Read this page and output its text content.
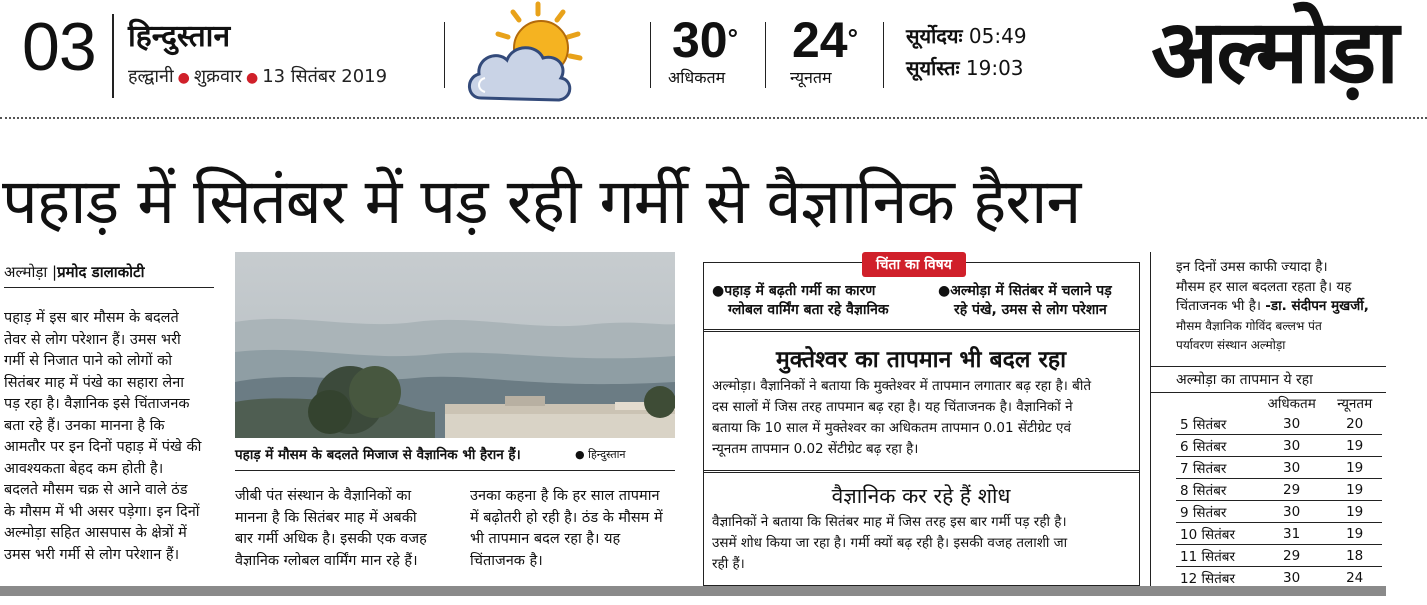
03 हिन्दुस्तान
हल्द्वानी ● शुक्रवार ● 13 सितंबर 2019
30°
अधिकतम
24°
न्यूनतम
सूर्योदयः 05:49
सूर्यास्तः 19:03 अल्मोड़ा
पहाड़ में सितंबर में पड़ रही गर्मी से वैज्ञानिक हैरान
अल्मोड़ा |प्रमोद डालाकोटी
पहाड़ में इस बार मौसम के बदलते
तेवर से लोग परेशान हैं। उमस भरी
गर्मी से निजात पाने को लोगों को
सितंबर माह में पंखे का सहारा लेना
पड़ रहा है। वैज्ञानिक इसे चिंताजनक
बता रहे हैं। उनका मानना है कि
आमतौर पर इन दिनों पहाड़ में पंखे की
आवश्यकता बेहद कम होती है।
बदलते मौसम चक्र से आने वाले ठंड
के मौसम में भी असर पड़ेगा। इन दिनों
अल्मोड़ा सहित आसपास के क्षेत्रों में
उमस भरी गर्मी से लोग परेशान हैं।
पहाड़ में मौसम के बदलते मिजाज से वैज्ञानिक भी हैरान हैं।	● हिन्दुस्तान
जीबी पंत संस्थान के वैज्ञानिकों का
मानना है कि सितंबर माह में अबकी
बार गर्मी अधिक है। इसकी एक वजह
वैज्ञानिक ग्लोबल वार्मिंग मान रहे हैं।
उनका कहना है कि हर साल तापमान
में बढ़ोतरी हो रही है। ठंड के मौसम में
भी तापमान बदल रहा है। यह
चिंताजनक है।
चिंता का विषय
●पहाड़ में बढ़ती गर्मी का कारण
ग्लोबल वार्मिंग बता रहे वैज्ञानिक
●अल्मोड़ा में सितंबर में चलाने पड़
रहे पंखे, उमस से लोग परेशान
मुक्तेश्वर का तापमान भी बदल रहा
अल्मोड़ा। वैज्ञानिकों ने बताया कि मुक्तेश्वर में तापमान लगातार बढ़ रहा है। बीते
दस सालों में जिस तरह तापमान बढ़ रहा है। यह चिंताजनक है। वैज्ञानिकों ने
बताया कि 10 साल में मुक्तेश्वर का अधिकतम तापमान 0.01 सेंटीग्रेट एवं
न्यूनतम तापमान 0.02 सेंटीग्रेट बढ़ रहा है।
वैज्ञानिक कर रहे हैं शोध
वैज्ञानिकों ने बताया कि सितंबर माह में जिस तरह इस बार गर्मी पड़ रही है।
उसमें शोध किया जा रहा है। गर्मी क्यों बढ़ रही है। इसकी वजह तलाशी जा
रही हैं।
इन दिनों उमस काफी ज्यादा है।
मौसम हर साल बदलता रहता है। यह
चिंताजनक भी है। -डा. संदीपन मुखर्जी,
मौसम वैज्ञानिक गोविंद बल्लभ पंत
पर्यावरण संस्थान अल्मोड़ा
अल्मोड़ा का तापमान ये रहा
	अधिकतम	न्यूनतम
5 सितंबर	30	20
6 सितंबर	30	19
7 सितंबर	30	19
8 सितंबर	29	19
9 सितंबर	30	19
10 सितंबर	31	19
11 सितंबर	29	18
12 सितंबर	30	24
